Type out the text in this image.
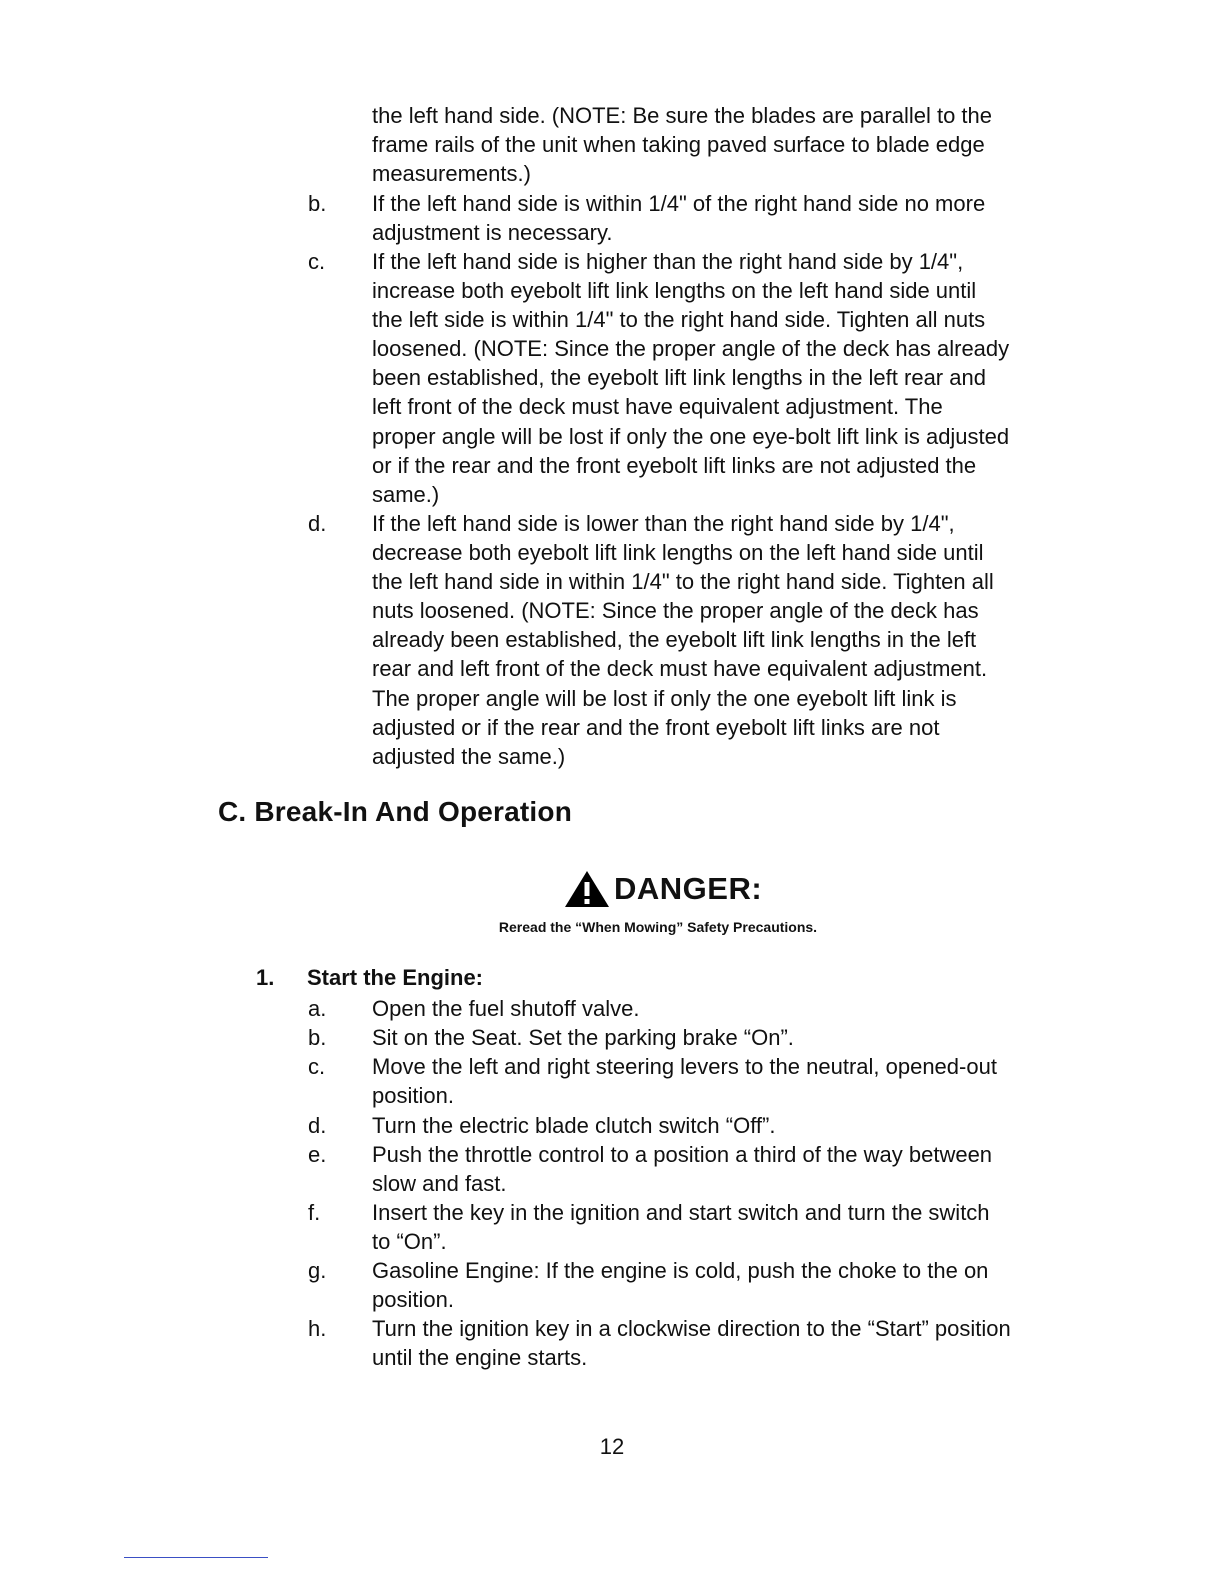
the left hand side. (NOTE: Be sure the blades are parallel to the frame rails of the unit when taking paved surface to blade edge measurements.)
b. If the left hand side is within 1/4" of the right hand side no more adjustment is necessary.
c. If the left hand side is higher than the right hand side by 1/4", increase both eyebolt lift link lengths on the left hand side until the left side is within 1/4" to the right hand side. Tighten all nuts loosened. (NOTE: Since the proper angle of the deck has already been established, the eyebolt lift link lengths in the left rear and left front of the deck must have equivalent adjustment. The proper angle will be lost if only the one eye-bolt lift link is adjusted or if the rear and the front eyebolt lift links are not adjusted the same.)
d. If the left hand side is lower than the right hand side by 1/4", decrease both eyebolt lift link lengths on the left hand side until the left hand side in within 1/4" to the right hand side. Tighten all nuts loosened. (NOTE: Since the proper angle of the deck has already been established, the eyebolt lift link lengths in the left rear and left front of the deck must have equivalent adjustment. The proper angle will be lost if only the one eyebolt lift link is adjusted or if the rear and the front eyebolt lift links are not adjusted the same.)
C. Break-In And Operation
DANGER:
Reread the “When Mowing” Safety Precautions.
1. Start the Engine:
a. Open the fuel shutoff valve.
b. Sit on the Seat. Set the parking brake “On”.
c. Move the left and right steering levers to the neutral, opened-out position.
d. Turn the electric blade clutch switch “Off”.
e. Push the throttle control to a position a third of the way between slow and fast.
f. Insert the key in the ignition and start switch and turn the switch to “On”.
g. Gasoline Engine: If the engine is cold, push the choke to the on position.
h. Turn the ignition key in a clockwise direction to the “Start” position until the engine starts.
12
